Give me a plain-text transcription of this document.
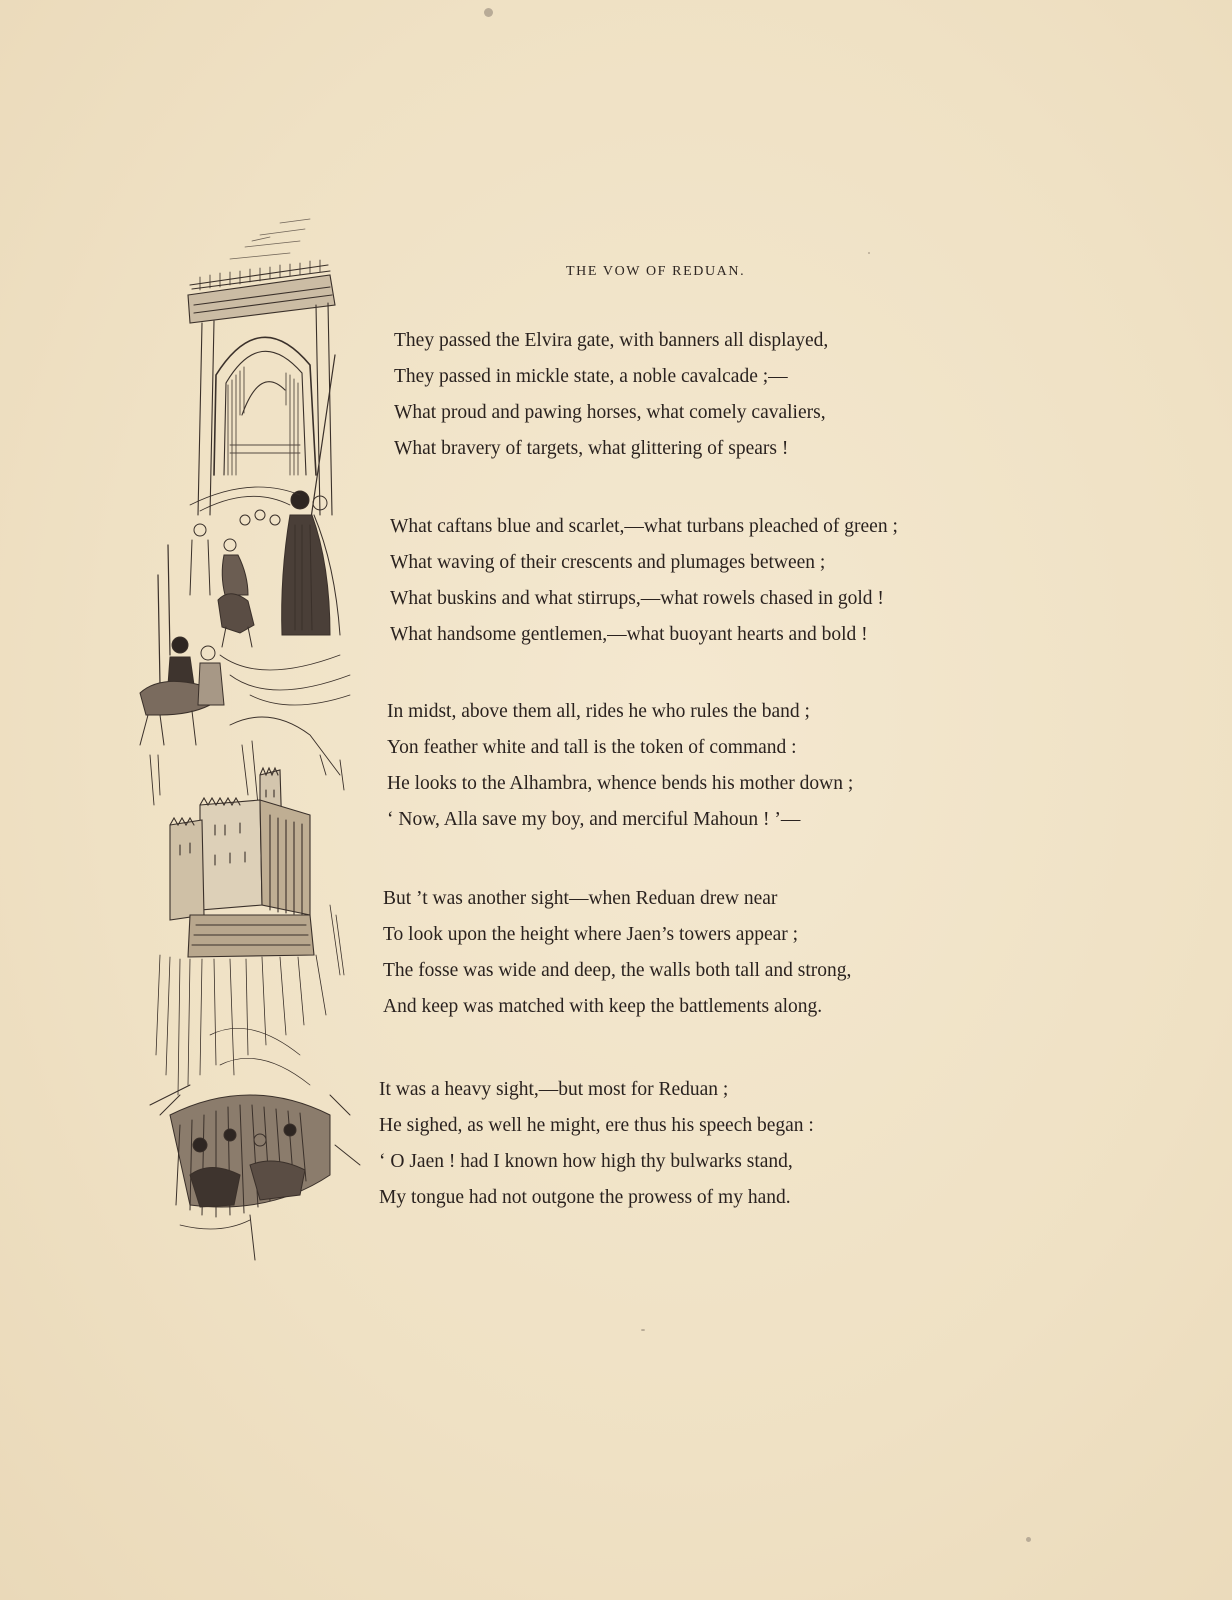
THE VOW OF REDUAN.
They passed the Elvira gate, with banners all displayed,
They passed in mickle state, a noble cavalcade ;—
What proud and pawing horses, what comely cavaliers,
What bravery of targets, what glittering of spears !
What caftans blue and scarlet,—what turbans pleached of green ;
What waving of their crescents and plumages between ;
What buskins and what stirrups,—what rowels chased in gold !
What handsome gentlemen,—what buoyant hearts and bold !
In midst, above them all, rides he who rules the band ;
Yon feather white and tall is the token of command :
He looks to the Alhambra, whence bends his mother down ;
‘ Now, Alla save my boy, and merciful Mahoun ! ’—
But ’t was another sight—when Reduan drew near
To look upon the height where Jaen’s towers appear ;
The fosse was wide and deep, the walls both tall and strong,
And keep was matched with keep the battlements along.
It was a heavy sight,—but most for Reduan ;
He sighed, as well he might, ere thus his speech began :
‘ O Jaen ! had I known how high thy bulwarks stand,
My tongue had not outgone the prowess of my hand.
